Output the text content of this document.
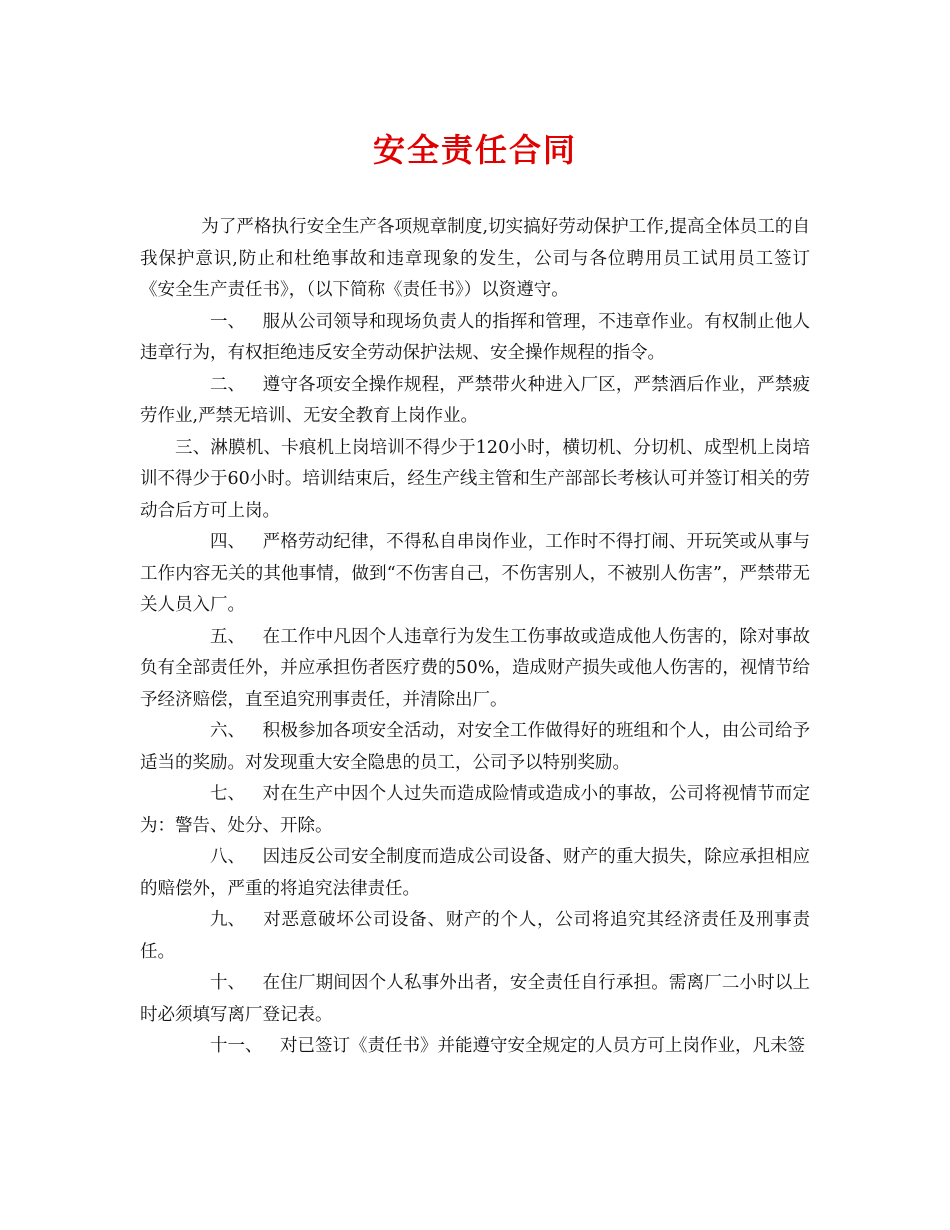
安全责任合同

为了严格执行安全生产各项规章制度,切实搞好劳动保护工作,提高全体员工的自我保护意识,防止和杜绝事故和违章现象的发生，公司与各位聘用员工试用员工签订《安全生产责任书》，（以下简称《责任书》）以资遵守。

一、 服从公司领导和现场负责人的指挥和管理，不违章作业。有权制止他人违章行为，有权拒绝违反安全劳动保护法规、安全操作规程的指令。

二、 遵守各项安全操作规程，严禁带火种进入厂区，严禁酒后作业，严禁疲劳作业,严禁无培训、无安全教育上岗作业。

三、淋膜机、卡痕机上岗培训不得少于120小时，横切机、分切机、成型机上岗培训不得少于60小时。培训结束后，经生产线主管和生产部部长考核认可并签订相关的劳动合后方可上岗。

四、 严格劳动纪律，不得私自串岗作业，工作时不得打闹、开玩笑或从事与工作内容无关的其他事情，做到“不伤害自己，不伤害别人，不被别人伤害”，严禁带无关人员入厂。

五、 在工作中凡因个人违章行为发生工伤事故或造成他人伤害的，除对事故负有全部责任外，并应承担伤者医疗费的50%，造成财产损失或他人伤害的，视情节给予经济赔偿，直至追究刑事责任，并清除出厂。

六、 积极参加各项安全活动，对安全工作做得好的班组和个人，由公司给予适当的奖励。对发现重大安全隐患的员工，公司予以特别奖励。

七、 对在生产中因个人过失而造成险情或造成小的事故，公司将视情节而定为：警告、处分、开除。

八、 因违反公司安全制度而造成公司设备、财产的重大损失，除应承担相应的赔偿外，严重的将追究法律责任。

九、 对恶意破坏公司设备、财产的个人，公司将追究其经济责任及刑事责任。

十、 在住厂期间因个人私事外出者，安全责任自行承担。需离厂二小时以上时必须填写离厂登记表。

十一、 对已签订《责任书》并能遵守安全规定的人员方可上岗作业，凡未签
